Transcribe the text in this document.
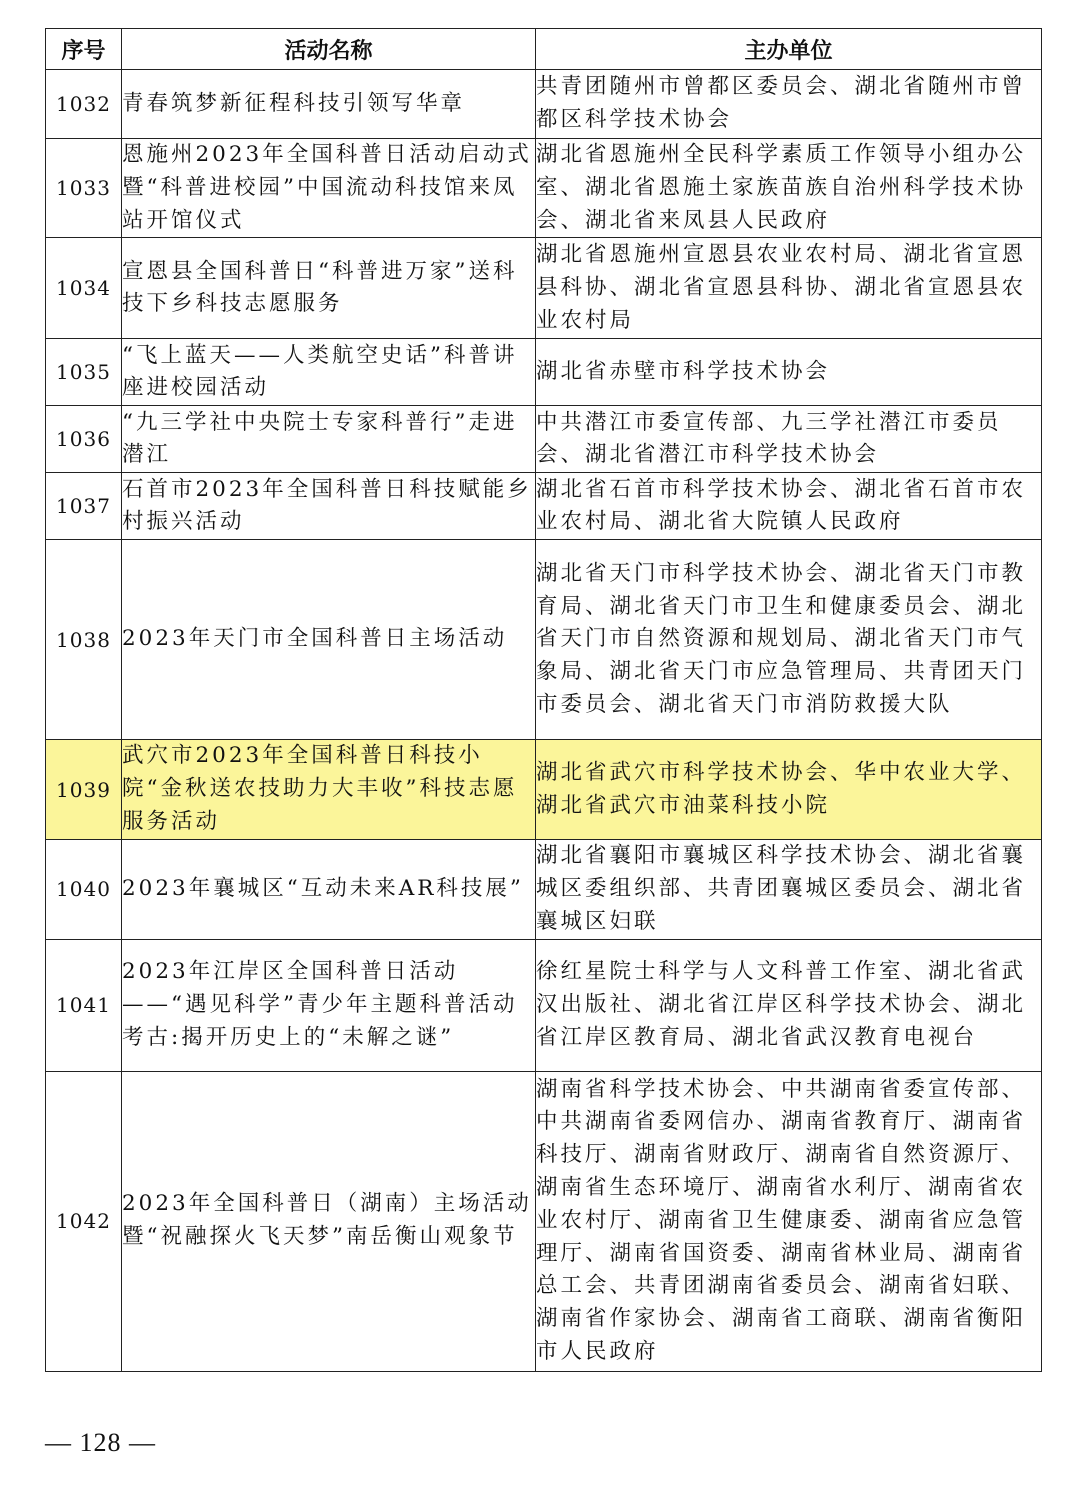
序号	活动名称	主办单位
1032	青春筑梦新征程科技引领写华章	共青团随州市曾都区委员会、湖北省随州市曾都区科学技术协会
1033	恩施州2023年全国科普日活动启动式暨“科普进校园”中国流动科技馆来凤站开馆仪式	湖北省恩施州全民科学素质工作领导小组办公室、湖北省恩施土家族苗族自治州科学技术协会、湖北省来凤县人民政府
1034	宣恩县全国科普日“科普进万家”送科技下乡科技志愿服务	湖北省恩施州宣恩县农业农村局、湖北省宣恩县科协、湖北省宣恩县科协、湖北省宣恩县农业农村局
1035	“飞上蓝天——人类航空史话”科普讲座进校园活动	湖北省赤壁市科学技术协会
1036	“九三学社中央院士专家科普行”走进潜江	中共潜江市委宣传部、九三学社潜江市委员会、湖北省潜江市科学技术协会
1037	石首市2023年全国科普日科技赋能乡村振兴活动	湖北省石首市科学技术协会、湖北省石首市农业农村局、湖北省大院镇人民政府
1038	2023年天门市全国科普日主场活动	湖北省天门市科学技术协会、湖北省天门市教育局、湖北省天门市卫生和健康委员会、湖北省天门市自然资源和规划局、湖北省天门市气象局、湖北省天门市应急管理局、共青团天门市委员会、湖北省天门市消防救援大队
1039	武穴市2023年全国科普日科技小院“金秋送农技助力大丰收”科技志愿服务活动	湖北省武穴市科学技术协会、华中农业大学、湖北省武穴市油菜科技小院
1040	2023年襄城区“互动未来AR科技展”	湖北省襄阳市襄城区科学技术协会、湖北省襄城区委组织部、共青团襄城区委员会、湖北省襄城区妇联
1041	2023年江岸区全国科普日活动——“遇见科学”青少年主题科普活动考古:揭开历史上的“未解之谜”	徐红星院士科学与人文科普工作室、湖北省武汉出版社、湖北省江岸区科学技术协会、湖北省江岸区教育局、湖北省武汉教育电视台
1042	2023年全国科普日（湖南）主场活动暨“祝融探火飞天梦”南岳衡山观象节	湖南省科学技术协会、中共湖南省委宣传部、中共湖南省委网信办、湖南省教育厅、湖南省科技厅、湖南省财政厅、湖南省自然资源厅、湖南省生态环境厅、湖南省水利厅、湖南省农业农村厅、湖南省卫生健康委、湖南省应急管理厅、湖南省国资委、湖南省林业局、湖南省总工会、共青团湖南省委员会、湖南省妇联、湖南省作家协会、湖南省工商联、湖南省衡阳市人民政府
— 128 —
